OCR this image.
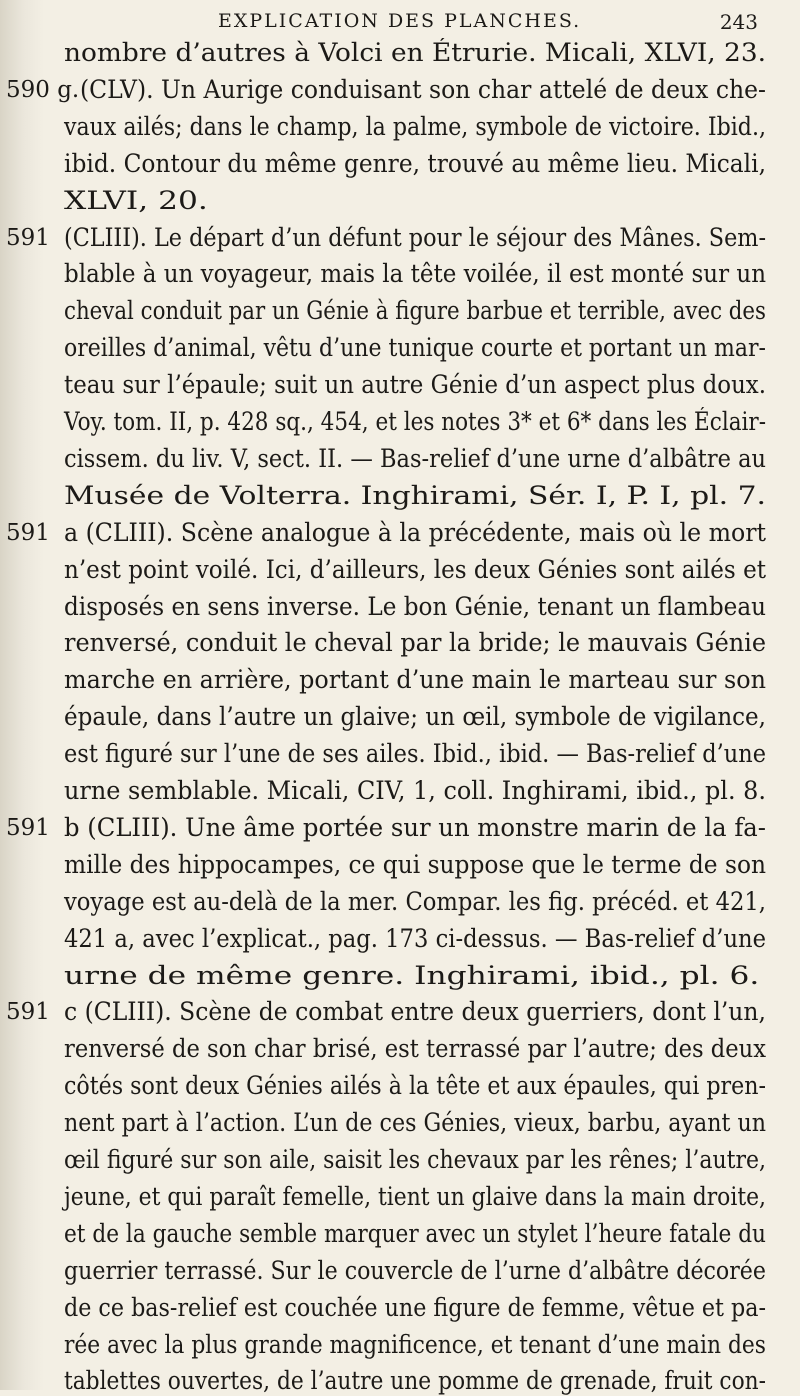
EXPLICATION DES PLANCHES.	243
nombre d’autres à Volci en Étrurie. Micali, XLVI, 23.
590 g. (CLV). Un Aurige conduisant son char attelé de deux che-
vaux ailés; dans le champ, la palme, symbole de victoire. Ibid.,
ibid. Contour du même genre, trouvé au même lieu. Micali,
XLVI, 20.
591 (CLIII). Le départ d’un défunt pour le séjour des Mânes. Sem-
blable à un voyageur, mais la tête voilée, il est monté sur un
cheval conduit par un Génie à figure barbue et terrible, avec des
oreilles d’animal, vêtu d’une tunique courte et portant un mar-
teau sur l’épaule; suit un autre Génie d’un aspect plus doux.
Voy. tom. II, p. 428 sq., 454, et les notes 3* et 6* dans les Éclair-
cissem. du liv. V, sect. II. — Bas-relief d’une urne d’albâtre au
Musée de Volterra. Inghirami, Sér. I, P. I, pl. 7.
591 a (CLIII). Scène analogue à la précédente, mais où le mort
n’est point voilé. Ici, d’ailleurs, les deux Génies sont ailés et
disposés en sens inverse. Le bon Génie, tenant un flambeau
renversé, conduit le cheval par la bride; le mauvais Génie
marche en arrière, portant d’une main le marteau sur son
épaule, dans l’autre un glaive; un œil, symbole de vigilance,
est figuré sur l’une de ses ailes. Ibid., ibid. — Bas-relief d’une
urne semblable. Micali, CIV, 1, coll. Inghirami, ibid., pl. 8.
591 b (CLIII). Une âme portée sur un monstre marin de la fa-
mille des hippocampes, ce qui suppose que le terme de son
voyage est au-delà de la mer. Compar. les fig. précéd. et 421,
421 a, avec l’explicat., pag. 173 ci-dessus. — Bas-relief d’une
urne de même genre. Inghirami, ibid., pl. 6.
591 c (CLIII). Scène de combat entre deux guerriers, dont l’un,
renversé de son char brisé, est terrassé par l’autre; des deux
côtés sont deux Génies ailés à la tête et aux épaules, qui pren-
nent part à l’action. L’un de ces Génies, vieux, barbu, ayant un
œil figuré sur son aile, saisit les chevaux par les rênes; l’autre,
jeune, et qui paraît femelle, tient un glaive dans la main droite,
et de la gauche semble marquer avec un stylet l’heure fatale du
guerrier terrassé. Sur le couvercle de l’urne d’albâtre décorée
de ce bas-relief est couchée une figure de femme, vêtue et pa-
rée avec la plus grande magnificence, et tenant d’une main des
tablettes ouvertes, de l’autre une pomme de grenade, fruit con-
